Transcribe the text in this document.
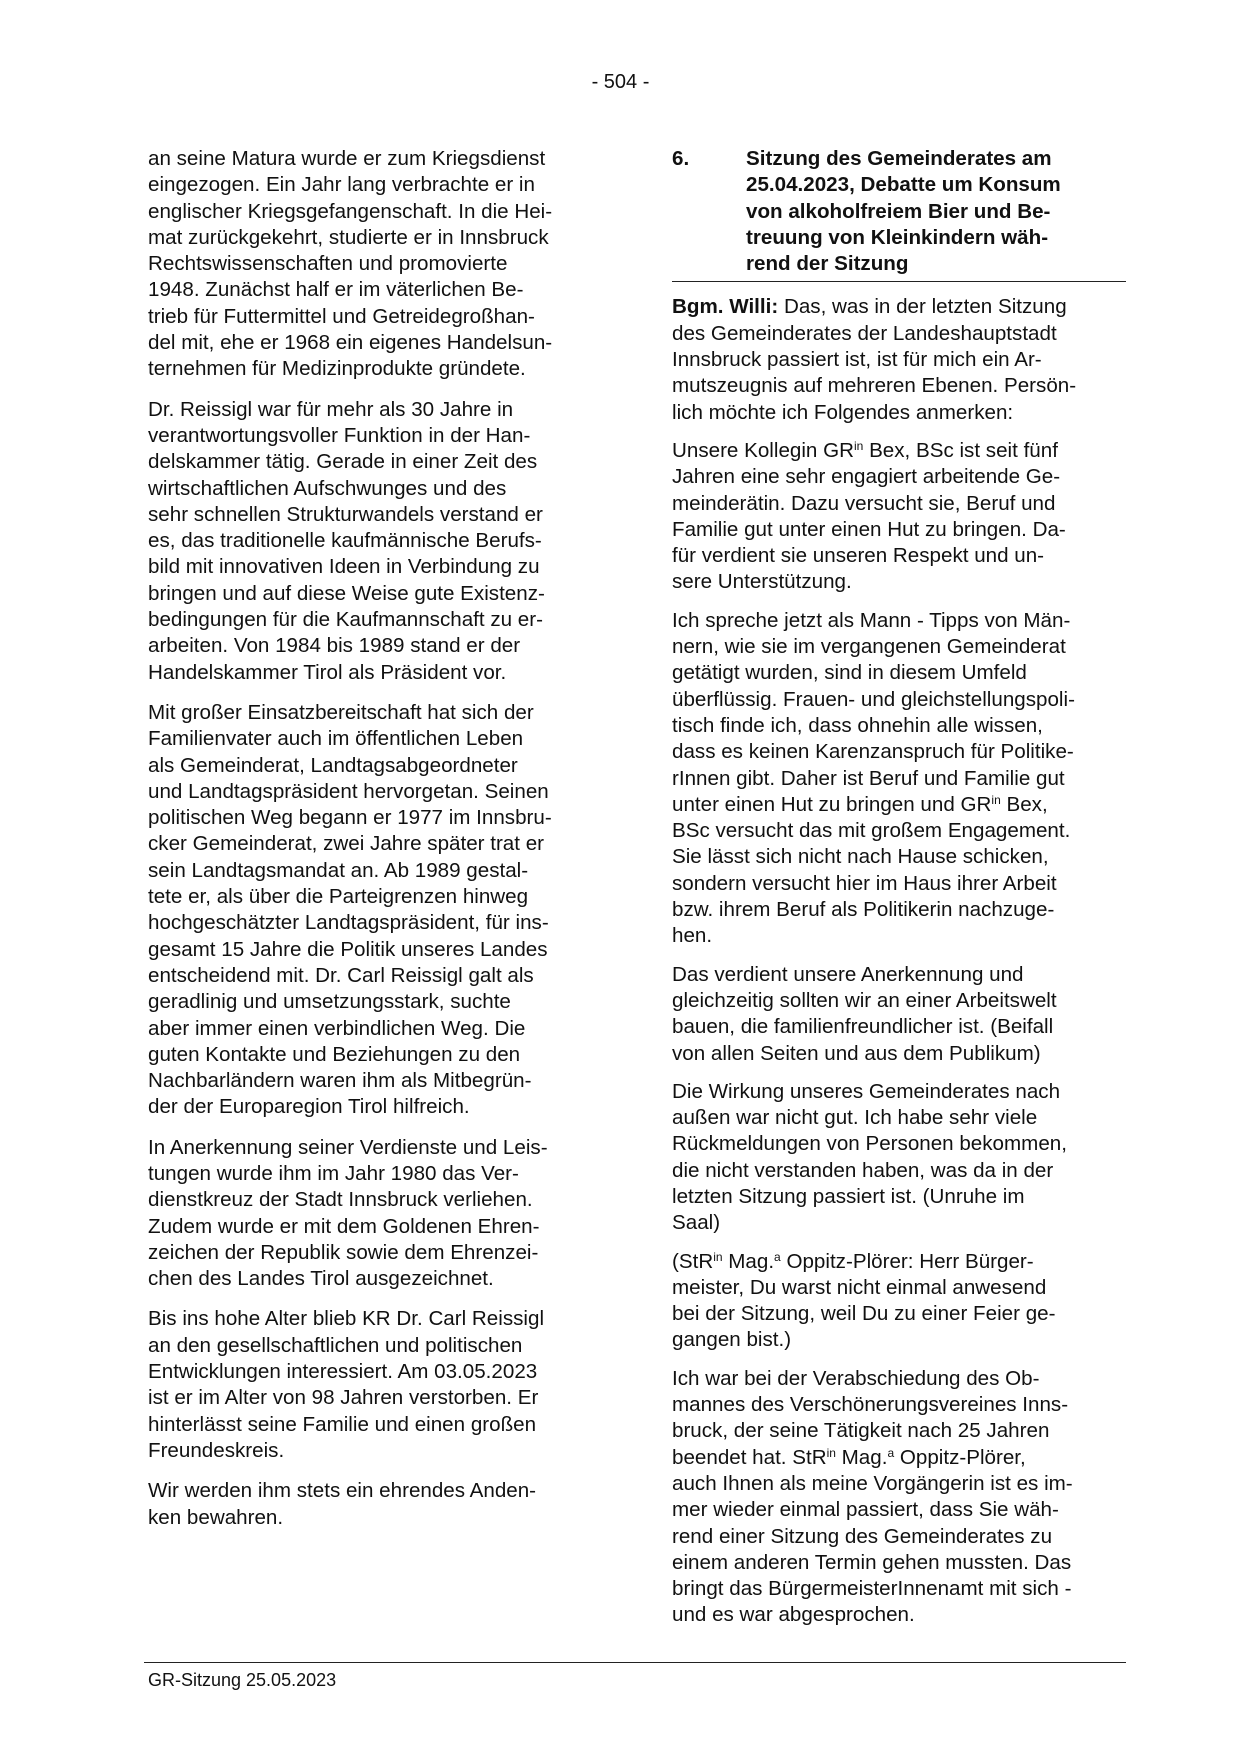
- 504 -

an seine Matura wurde er zum Kriegsdienst
eingezogen. Ein Jahr lang verbrachte er in
englischer Kriegsgefangenschaft. In die Hei-
mat zurückgekehrt, studierte er in Innsbruck
Rechtswissenschaften und promovierte
1948. Zunächst half er im väterlichen Be-
trieb für Futtermittel und Getreidegroßhan-
del mit, ehe er 1968 ein eigenes Handelsun-
ternehmen für Medizinprodukte gründete.

Dr. Reissigl war für mehr als 30 Jahre in
verantwortungsvoller Funktion in der Han-
delskammer tätig. Gerade in einer Zeit des
wirtschaftlichen Aufschwunges und des
sehr schnellen Strukturwandels verstand er
es, das traditionelle kaufmännische Berufs-
bild mit innovativen Ideen in Verbindung zu
bringen und auf diese Weise gute Existenz-
bedingungen für die Kaufmannschaft zu er-
arbeiten. Von 1984 bis 1989 stand er der
Handelskammer Tirol als Präsident vor.

Mit großer Einsatzbereitschaft hat sich der
Familienvater auch im öffentlichen Leben
als Gemeinderat, Landtagsabgeordneter
und Landtagspräsident hervorgetan. Seinen
politischen Weg begann er 1977 im Innsbru-
cker Gemeinderat, zwei Jahre später trat er
sein Landtagsmandat an. Ab 1989 gestal-
tete er, als über die Parteigrenzen hinweg
hochgeschätzter Landtagspräsident, für ins-
gesamt 15 Jahre die Politik unseres Landes
entscheidend mit. Dr. Carl Reissigl galt als
geradlinig und umsetzungsstark, suchte
aber immer einen verbindlichen Weg. Die
guten Kontakte und Beziehungen zu den
Nachbarländern waren ihm als Mitbegrün-
der der Europaregion Tirol hilfreich.

In Anerkennung seiner Verdienste und Leis-
tungen wurde ihm im Jahr 1980 das Ver-
dienstkreuz der Stadt Innsbruck verliehen.
Zudem wurde er mit dem Goldenen Ehren-
zeichen der Republik sowie dem Ehrenzei-
chen des Landes Tirol ausgezeichnet.

Bis ins hohe Alter blieb KR Dr. Carl Reissigl
an den gesellschaftlichen und politischen
Entwicklungen interessiert. Am 03.05.2023
ist er im Alter von 98 Jahren verstorben. Er
hinterlässt seine Familie und einen großen
Freundeskreis.

Wir werden ihm stets ein ehrendes Anden-
ken bewahren.

6.	Sitzung des Gemeinderates am
25.04.2023, Debatte um Konsum
von alkoholfreiem Bier und Be-
treuung von Kleinkindern wäh-
rend der Sitzung

Bgm. Willi: Das, was in der letzten Sitzung
des Gemeinderates der Landeshauptstadt
Innsbruck passiert ist, ist für mich ein Ar-
mutszeugnis auf mehreren Ebenen. Persön-
lich möchte ich Folgendes anmerken:

Unsere Kollegin $GR^{in}$ Bex, BSc ist seit fünf
Jahren eine sehr engagiert arbeitende Ge-
meinderätin. Dazu versucht sie, Beruf und
Familie gut unter einen Hut zu bringen. Da-
für verdient sie unseren Respekt und un-
sere Unterstützung.

Ich spreche jetzt als Mann - Tipps von Män-
nern, wie sie im vergangenen Gemeinderat
getätigt wurden, sind in diesem Umfeld
überflüssig. Frauen- und gleichstellungspoli-
tisch finde ich, dass ohnehin alle wissen,
dass es keinen Karenzanspruch für Politike-
rInnen gibt. Daher ist Beruf und Familie gut
unter einen Hut zu bringen und $GR^{in}$ Bex,
BSc versucht das mit großem Engagement.
Sie lässt sich nicht nach Hause schicken,
sondern versucht hier im Haus ihrer Arbeit
bzw. ihrem Beruf als Politikerin nachzuge-
hen.

Das verdient unsere Anerkennung und
gleichzeitig sollten wir an einer Arbeitswelt
bauen, die familienfreundlicher ist. (Beifall
von allen Seiten und aus dem Publikum)

Die Wirkung unseres Gemeinderates nach
außen war nicht gut. Ich habe sehr viele
Rückmeldungen von Personen bekommen,
die nicht verstanden haben, was da in der
letzten Sitzung passiert ist. (Unruhe im
Saal)

(StR$^{in}$ Mag.$^a$ Oppitz-Plörer: Herr Bürger-
meister, Du warst nicht einmal anwesend
bei der Sitzung, weil Du zu einer Feier ge-
gangen bist.)

Ich war bei der Verabschiedung des Ob-
mannes des Verschönerungsvereines Inns-
bruck, der seine Tätigkeit nach 25 Jahren
beendet hat. StR$^{in}$ Mag.$^a$ Oppitz-Plörer,
auch Ihnen als meine Vorgängerin ist es im-
mer wieder einmal passiert, dass Sie wäh-
rend einer Sitzung des Gemeinderates zu
einem anderen Termin gehen mussten. Das
bringt das BürgermeisterInnenamt mit sich -
und es war abgesprochen.

GR-Sitzung 25.05.2023
